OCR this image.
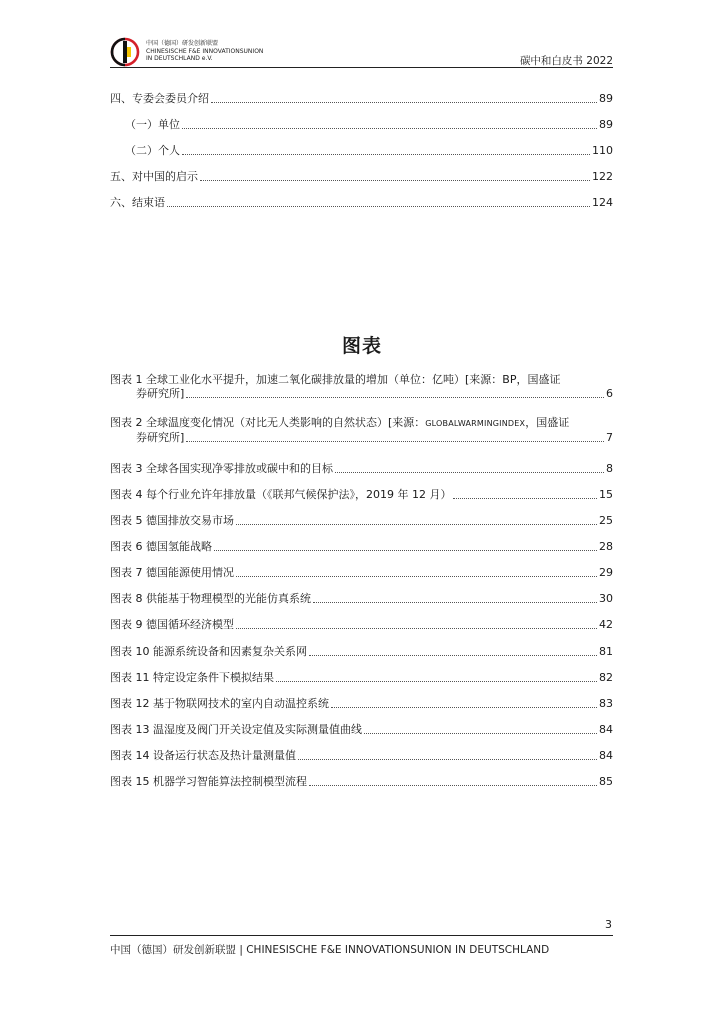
中国（德国）研发创新联盟
CHINESISCHE F&E INNOVATIONSUNION
IN DEUTSCHLAND e.V.	碳中和白皮书 2022
四、专委会委员介绍	89
（一）单位	89
（二）个人	110
五、对中国的启示	122
六、结束语	124
图表
图表 1 全球工业化水平提升，加速二氧化碳排放量的增加（单位：亿吨）[来源：BP，国盛证
券研究所]	6
图表 2 全球温度变化情况（对比无人类影响的自然状态）[来源：GLOBALWARMINGINDEX，国盛证
券研究所]	7
图表 3 全球各国实现净零排放或碳中和的目标	8
图表 4 每个行业允许年排放量（《联邦气候保护法》，2019 年 12 月）	15
图表 5 德国排放交易市场	25
图表 6 德国氢能战略	28
图表 7 德国能源使用情况	29
图表 8 供能基于物理模型的光能仿真系统	30
图表 9 德国循环经济模型	42
图表 10 能源系统设备和因素复杂关系网	81
图表 11 特定设定条件下模拟结果	82
图表 12 基于物联网技术的室内自动温控系统	83
图表 13 温湿度及阀门开关设定值及实际测量值曲线	84
图表 14 设备运行状态及热计量测量值	84
图表 15 机器学习智能算法控制模型流程	85
3
中国（德国）研发创新联盟 | CHINESISCHE F&E INNOVATIONSUNION IN DEUTSCHLAND
